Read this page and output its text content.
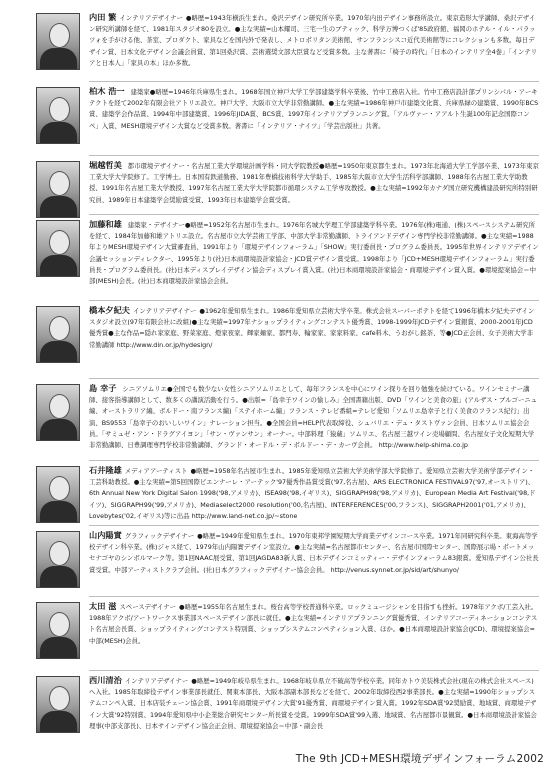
内田 繁 インテリアデザイナー ●略歴=1943年横浜生まれ。桑沢デザイン研究所卒業。1970年内田デザイン事務所設立。東京造形大学講師、桑沢デザイン研究所講師を経て、1981年スタジオ80を設立。●主な実績=山本耀司、三宅一生のブティック、科学万博つくば'85政府館、福岡のホテル・イル・パラッツォを手がける他、茶室、プロダクト、家具などを国内外で発表し、メトロポリタン美術館、サンフランシスコ近代美術館等にコレクションも多数。毎日デザイン賞、日本文化デザイン会議会員賞、第1回桑沢賞、芸術選奨文部大臣賞など受賞多数。主な著書に「椅子の時代」「日本のインテリア全4巻」「インテリアと日本人」「家具の本」ほか多数。
柏木 浩一 建築家●略歴=1946年兵庫県生まれ。1968年国立神戸大学工学部建築学科卒業後、竹中工務店入社。竹中工務店設計部プリンシパル・アーキテクトを経て2002年有限会社アトリエ設立。神戸大学、大阪市立大学非常勤講師。●主な実績=1986年神戸市建築文化賞、兵庫県緑の建築賞、1990年BCS賞、建築学会作品賞、1994年中部建築賞、1996年JIDA賞、BCS賞、1997年インテリアプランニング賞。「アルヴァー・アアルト生誕100年記念国際コンペ」入賞、MESH環境デザイン大賞など受賞多数。著書に「インテリア・ナイツ」「学芸出版社」共著。
堀越哲美 都市環境デザイナー・名古屋工業大学環境計画学科・同大学院教授●略歴=1950年東京都生まれ。1973年北海道大学工学部卒業、1973年東京工業大学大学院修了。工学博士。日本国有鉄道勤務、1981年豊橋技術科学大学助手、1985年大阪市立大学生活科学部講師、1988年名古屋工業大学助教授、1991年名古屋工業大学教授、1997年名古屋工業大学大学院都市循環システム工学専攻教授。●主な実績=1992年カナダ国立研究機構建設研究所特別研究員、1989年日本建築学会奨励賞受賞、1993年日本建築学会賞受賞。
加藤和雄 建築家・デザイナー●略歴=1952年名古屋市生まれ。1976年名城大学理工学部建築学科卒業。1976年(株)電通、(株)スペースシステム研究所を経て、1984年加藤和雄アトリエ設立。名古屋市立大学芸術工学部、中部大学非常勤講師、トライアンドデザイン専門学校非常勤講師。●主な実績=1988年よりMESH環境デザイン大賞審査員、1991年より「環境デザインフォーラム」「SHOW」実行委員長・プログラム委員長。1995年世界インテリアデザイン会議セッションディレクター、1995年より(社)日本商環境設計家協会・JCD賞デザイン賞受賞。1998年より「JCD+MESH環境デザインフォーラム」実行委員長・プログラム委員長。(社)日本ディスプレイデザイン協会ディスプレイ賞入賞。(社)日本商環境設計家協会・商環境デザイン賞入賞。●環境提案協会＝中部(MESH)会長。(社)日本商環境設計家協会会員。
橋本夕紀夫 インテリアデザイナー ●1962年愛知県生まれ。1986年愛知県立芸術大学卒業。株式会社スーパーポテトを経て1996年橋本夕紀夫デザインスタジオ設立(97年有限会社に改組)●主な実績=1997年ナショップライティングコンテスト優秀賞、1998-1999年JCDデザイン賞銀賞、2000-2001年JCD優秀賞●主な作品=隠れ家家庭、野菜家庭、燈家夜家、輝家麺家、都門寿、輪家家、家家料家、cafe料木、うおがし銘茶、等●JCD正会員、女子美術大学非常勤講師 http://www.din.or.jp/hydesign/
島 幸子 シニアソムリエ●全国でも数少ない女性シニアソムリエとして、毎年フランスを中心にワイン探りを回り勉強を続けている。ワインセミナー講師、接客指導講師として、数多くの講演活動を行う。●出版=「島幸子ワインの愉しみ」全国書籍出版、DVD「ワインと美食の旅」(アルザス・ブルゴーニュ編、オーストラリア編、ボルドー・南フランス編)「ステイホーム編」フランス・テレビ番組=テレビ愛知「ソムリエ島幸子と行く美食のフランス紀行」出演、BS9553「島幸子のおいしいワイン」ナレーション担当。●全国会員=HELP代表取締役、シュバリエ・デュ・タストヴァン会員、日本ソムリエ協会会員。「サミュゼ・アン・ドラグアイヨン」「サン・ヴァンサン」オーナー。中部料理「猿蔵」ソムリエ、名古屋三越ワイン売場顧問、名古屋女子文化短期大学非常勤講師、日豊調理専門学校非常勤講師、グランド・オードル・デ・ボルドー・デ・カーヴ会員。 http://www.help-shima.co.jp
石井隆雄 メディアアーティスト ●略歴=1958年名古屋市生まれ。1985年愛知県立芸術大学美術学部大学院修了。愛知県立芸術大学美術学部デザイン・工芸科助教授。●主な実績=第5回国際ビエンナーレ・アーテック'97優秀作品賞受賞('97,名古屋)、ARS ELECTRONICA FESTIVAL97('97,オーストリア)、6th Annual New York Digital Salon 1998('98,アメリカ)、ISEA98('98,イギリス)、SIGGRAPH98('98,アメリカ)、European Media Art Festival('98,ドイツ)、SIGGRAPH99('99,アメリカ)、Mediaselect2000 resolution('00,名古屋)、INTERFERENCES('00,フランス)、SIGGRAPH2001('01,アメリカ)、Lovebytes('02,イギリス)等に出品 http://www.land-net.co.jp/~stone
山内陽實 グラフィックデザイナー ●略歴=1949年愛知県生まれ。1970年東邦学園短期大学商業デザインコース卒業。1971年同研究科卒業。東海高等学校デザイン科卒業。(株)ジャス経て、1979年山内陽實デザイン室設立。●主な実績=名古屋都市センター、名古屋市国際センター、国際展示場・ポートメッセナゴヤのシンボルマーク等。第1回NAAC展受賞、第1回JAGDA83新人賞、日本デザインコミッティー・デザインフォーラム83銀賞。愛知県デザイン公社長賞受賞。中部アーティストクラブ会員。(社)日本グラフィックデザイナー協会会員。 http://venus.synnet.or.jp/sid/art/shunyo/
太田 滋 スペースデザイナー ●略歴=1955年名古屋生まれ。桜台高等学校普通科卒業。ロックミュージシャンを目指すも挫折。1978年アクボ/工芸入社。1988年アクボ/アートワークス事業部スペースデザイン部長に就任。●主な実績=インテリアプランニング賞優秀賞、インテリアコーディネーションコンテスト名古屋会長賞、ショップライティングコンテスト特別賞、ショップシステムコンペティション入賞、ほか。●日本商環境設計家協会(JCD)、環境提案協会=中部(MESH)会員。
西川清治 インテリアデザイナー ●略歴=1949年岐阜県生まれ。1968年岐阜県立不破高等学校卒業。同年カトウ美装株式会社(現在の株式会社スペース)へ入社。1985年取締役デザイン事業部長就任、関東本部長、大阪本部副本部長などを経て、2002年取締役西2事業部長。●主な実績=1990年ショップシステムコンペ入賞、日本店装チェーン協会賞、1991年商環境デザイン大賞'91優秀賞、商環境デザイン賞入賞。1992年SDA賞'92奨励賞、地域賞、商環境デザイン大賞'92特別賞、1994年愛知県中小企業総合研究センター所長賞を受賞。1999年SDA賞'99入選、地域賞、名古屋都市景観賞。●日本商環境設計家協会理事(中部支部長)、日本サインデザイン協会正会員、環境提案協会＝中部・副会長
The 9th JCD+MESH環境デザインフォーラム2002
